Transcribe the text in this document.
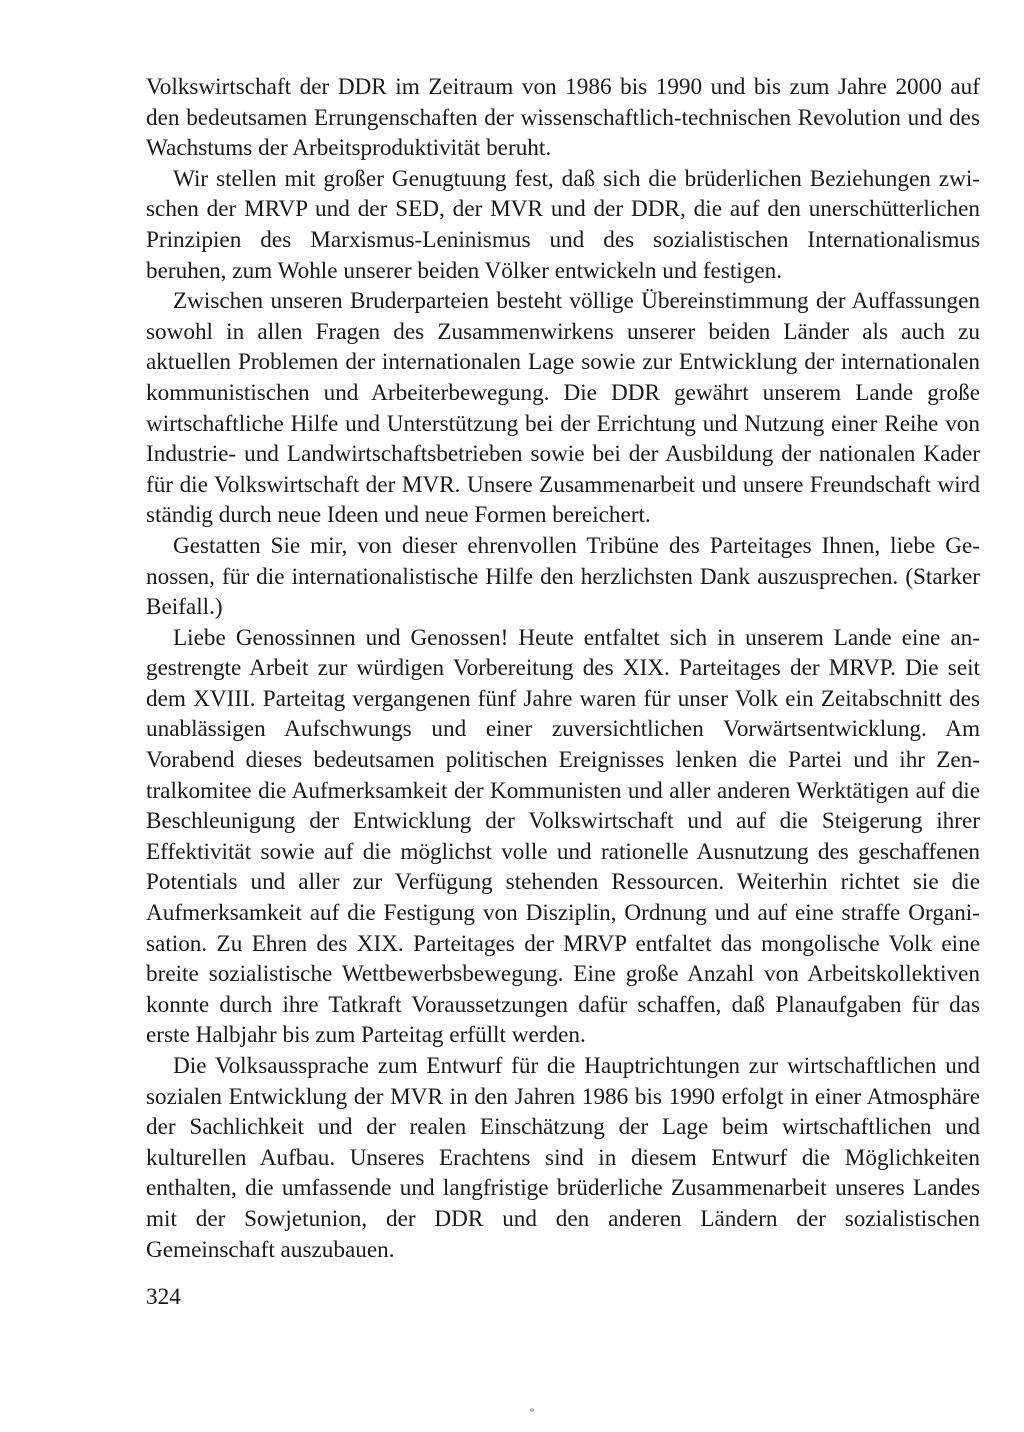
Volkswirtschaft der DDR im Zeitraum von 1986 bis 1990 und bis zum Jahre 2000 auf den bedeutsamen Errungenschaften der wissenschaftlich-technischen Revolution und des Wachstums der Arbeitsproduktivität beruht.

Wir stellen mit großer Genugtuung fest, daß sich die brüderlichen Beziehungen zwischen der MRVP und der SED, der MVR und der DDR, die auf den unerschütterlichen Prinzipien des Marxismus-Leninismus und des sozialistischen Internationalismus beruhen, zum Wohle unserer beiden Völker entwickeln und festigen.

Zwischen unseren Bruderparteien besteht völlige Übereinstimmung der Auffassungen sowohl in allen Fragen des Zusammenwirkens unserer beiden Länder als auch zu aktuellen Problemen der internationalen Lage sowie zur Entwicklung der internationalen kommunistischen und Arbeiterbewegung. Die DDR gewährt unserem Lande große wirtschaftliche Hilfe und Unterstützung bei der Errichtung und Nutzung einer Reihe von Industrie- und Landwirtschaftsbetrieben sowie bei der Ausbildung der nationalen Kader für die Volkswirtschaft der MVR. Unsere Zusammenarbeit und unsere Freundschaft wird ständig durch neue Ideen und neue Formen bereichert.

Gestatten Sie mir, von dieser ehrenvollen Tribüne des Parteitages Ihnen, liebe Genossen, für die internationalistische Hilfe den herzlichsten Dank auszusprechen. (Starker Beifall.)

Liebe Genossinnen und Genossen! Heute entfaltet sich in unserem Lande eine angestrengte Arbeit zur würdigen Vorbereitung des XIX. Parteitages der MRVP. Die seit dem XVIII. Parteitag vergangenen fünf Jahre waren für unser Volk ein Zeitabschnitt des unablässigen Aufschwungs und einer zuversichtlichen Vorwärtsentwicklung. Am Vorabend dieses bedeutsamen politischen Ereignisses lenken die Partei und ihr Zentralkomitee die Aufmerksamkeit der Kommunisten und aller anderen Werktätigen auf die Beschleunigung der Entwicklung der Volkswirtschaft und auf die Steigerung ihrer Effektivität sowie auf die möglichst volle und rationelle Ausnutzung des geschaffenen Potentials und aller zur Verfügung stehenden Ressourcen. Weiterhin richtet sie die Aufmerksamkeit auf die Festigung von Disziplin, Ordnung und auf eine straffe Organisation. Zu Ehren des XIX. Parteitages der MRVP entfaltet das mongolische Volk eine breite sozialistische Wettbewerbsbewegung. Eine große Anzahl von Arbeitskollektiven konnte durch ihre Tatkraft Voraussetzungen dafür schaffen, daß Planaufgaben für das erste Halbjahr bis zum Parteitag erfüllt werden.

Die Volksaussprache zum Entwurf für die Hauptrichtungen zur wirtschaftlichen und sozialen Entwicklung der MVR in den Jahren 1986 bis 1990 erfolgt in einer Atmosphäre der Sachlichkeit und der realen Einschätzung der Lage beim wirtschaftlichen und kulturellen Aufbau. Unseres Erachtens sind in diesem Entwurf die Möglichkeiten enthalten, die umfassende und langfristige brüderliche Zusammenarbeit unseres Landes mit der Sowjetunion, der DDR und den anderen Ländern der sozialistischen Gemeinschaft auszubauen.

324
